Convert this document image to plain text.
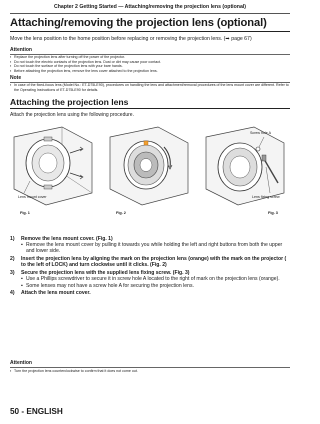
Chapter 2 Getting Started — Attaching/removing the projection lens (optional)
Attaching/removing the projection lens (optional)
Move the lens position to the home position before replacing or removing the projection lens. (➡ page 67)
Attention
▪ Replace the projection lens after turning off the power of the projector.
▪ Do not touch the electric contacts of the projection lens. Dust or dirt may cause poor contact.
▪ Do not touch the surface of the projection lens with your bare hands.
▪ Before attaching the projection lens, remove the lens cover attached to the projection lens.
Note
▪ In case of the fixed-focus lens (Model No.: ET-D75LE90), procedures on handling the lens and attachment/removal procedures of the lens mount cover are different. Refer to the Operating Instructions of ET-D75LE90 for details.
Attaching the projection lens
Attach the projection lens using the following procedure.
Lens mount cover
Fig. 1	Fig. 2
Screw hole A
Lens fixing screw
Fig. 3
1) Remove the lens mount cover. (Fig. 1)
▪ Remove the lens mount cover by pulling it towards you while holding the left and right buttons from both the upper and lower side.
2) Insert the projection lens by aligning the mark on the projection lens (orange) with the mark on the projector ( to the left of LOCK) and turn clockwise until it clicks. (Fig. 2)
3) Secure the projection lens with the supplied lens fixing screw. (Fig. 3)
▪ Use a Phillips screwdriver to secure it in screw hole A located to the right of mark on the projection lens (orange).
▪ Some lenses may not have a screw hole A for securing the projection lens.
4) Attach the lens mount cover.
Attention
▪ Turn the projection lens counterclockwise to confirm that it does not come out.
50 - ENGLISH
